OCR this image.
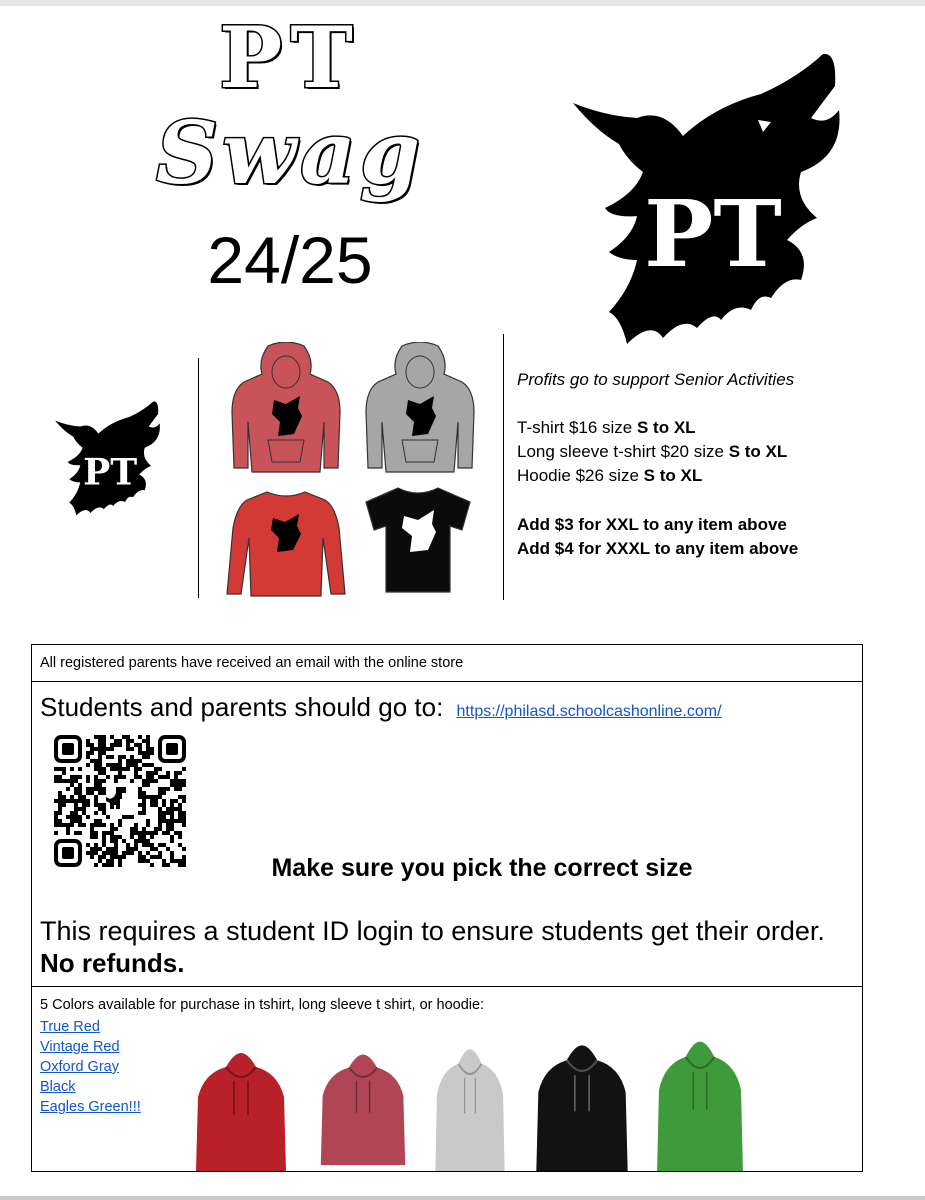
PT
Swag
24/25	PT
PT
Profits go to support Senior Activities
T-shirt $16 size S to XL
Long sleeve t-shirt $20 size S to XL
Hoodie $26 size S to XL
Add $3 for XXL to any item above
Add $4 for XXXL to any item above
All registered parents have received an email with the online store
Students and parents should go to: https://philasd.schoolcashonline.com/
Make sure you pick the correct size
This requires a student ID login to ensure students get their order.
No refunds.
5 Colors available for purchase in tshirt, long sleeve t shirt, or hoodie:
True Red
Vintage Red
Oxford Gray
Black
Eagles Green!!!
